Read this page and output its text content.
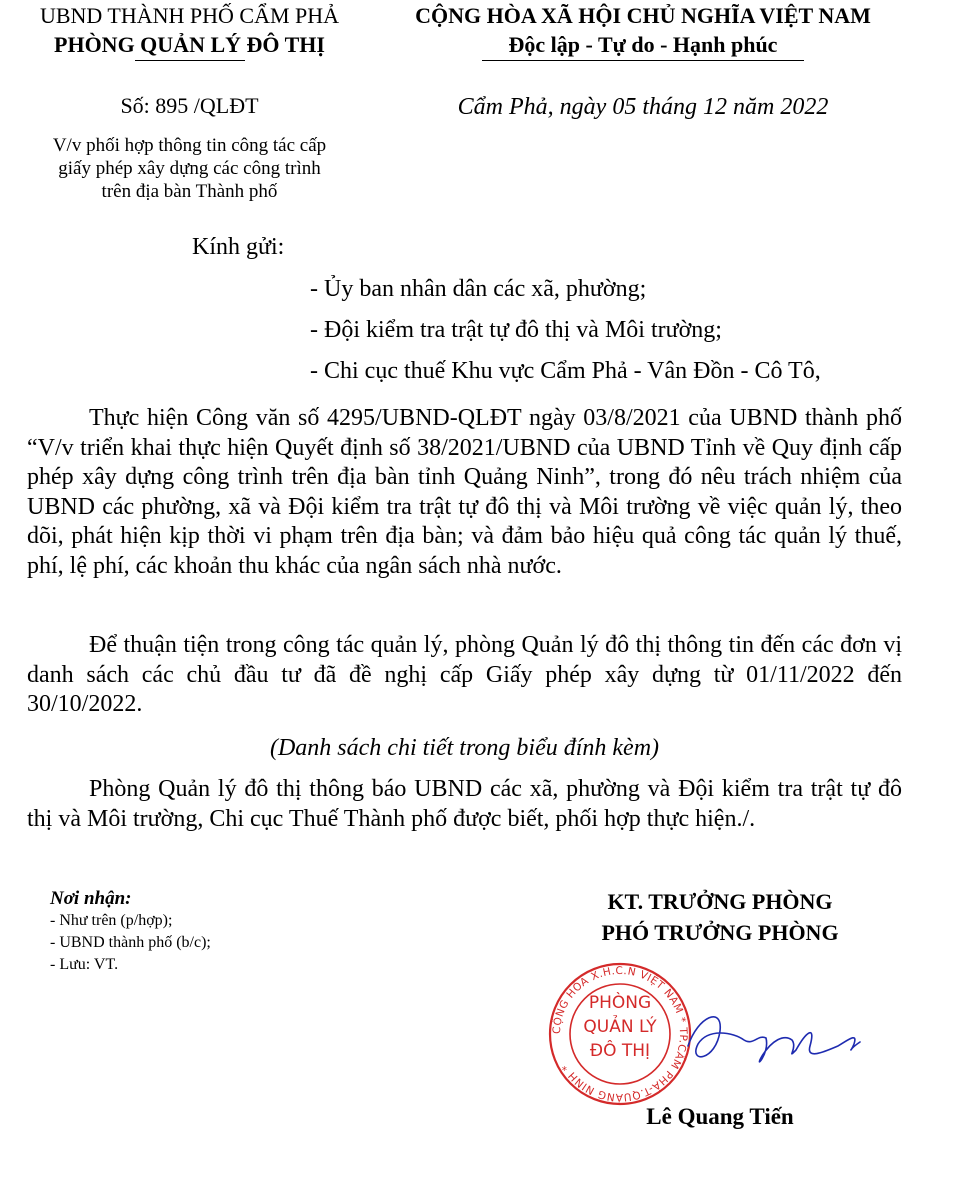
UBND THÀNH PHỐ CẨM PHẢ
PHÒNG QUẢN LÝ ĐÔ THỊ
CỘNG HÒA XÃ HỘI CHỦ NGHĨA VIỆT NAM
Độc lập - Tự do - Hạnh phúc
Số: 895 /QLĐT	Cẩm Phả, ngày 05 tháng 12 năm 2022
V/v phối hợp thông tin công tác cấp
giấy phép xây dựng các công trình
trên địa bàn Thành phố
Kính gửi:
- Ủy ban nhân dân các xã, phường;
- Đội kiểm tra trật tự đô thị và Môi trường;
- Chi cục thuế Khu vực Cẩm Phả - Vân Đồn - Cô Tô,
Thực hiện Công văn số 4295/UBND-QLĐT ngày 03/8/2021 của UBND thành phố “V/v triển khai thực hiện Quyết định số 38/2021/UBND của UBND Tỉnh về Quy định cấp phép xây dựng công trình trên địa bàn tỉnh Quảng Ninh”, trong đó nêu trách nhiệm của UBND các phường, xã và Đội kiểm tra trật tự đô thị và Môi trường về việc quản lý, theo dõi, phát hiện kịp thời vi phạm trên địa bàn; và đảm bảo hiệu quả công tác quản lý thuế, phí, lệ phí, các khoản thu khác của ngân sách nhà nước.
Để thuận tiện trong công tác quản lý, phòng Quản lý đô thị thông tin đến các đơn vị danh sách các chủ đầu tư đã đề nghị cấp Giấy phép xây dựng từ 01/11/2022 đến 30/10/2022.
(Danh sách chi tiết trong biểu đính kèm)
Phòng Quản lý đô thị thông báo UBND các xã, phường và Đội kiểm tra trật tự đô thị và Môi trường, Chi cục Thuế Thành phố được biết, phối hợp thực hiện./.
Nơi nhận:
- Như trên (p/hợp);
- UBND thành phố (b/c);
- Lưu: VT.
KT. TRƯỞNG PHÒNG
PHÓ TRƯỞNG PHÒNG
CỘNG HÒA X.H.C.N VIỆT NAM * TP.CẨM PHẢ-T.QUẢNG NINH *
PHÒNG
QUẢN LÝ
ĐÔ THỊ
Lê Quang Tiến
